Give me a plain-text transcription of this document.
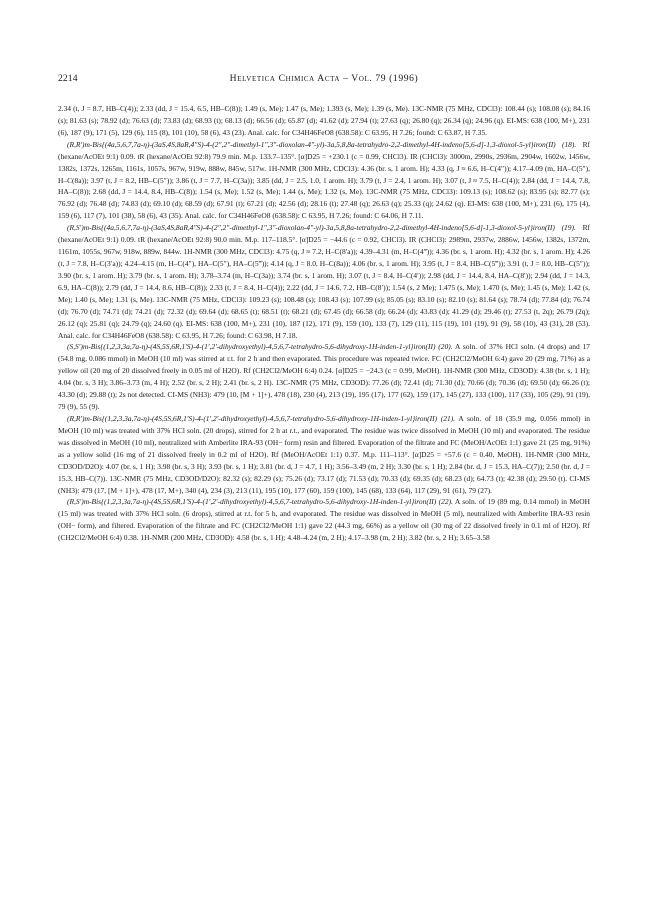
2214	Helvetica Chimica Acta – Vol. 79 (1996)

2.34 (t, J = 8.7, HB–C(4)); 2.33 (dd, J = 15.4, 6.5, HB–C(8)); 1.49 (s, Me); 1.47 (s, Me); 1.393 (s, Me); 1.39 (s, Me). 13C-NMR (75 MHz, CDCl3): 108.44 (s); 108.08 (s); 84.16 (s); 81.63 (s); 78.92 (d); 76.63 (d); 73.83 (d); 68.93 (t); 68.13 (d); 66.56 (d); 65.87 (d); 41.62 (d); 27.94 (t); 27.63 (q); 26.80 (q); 26.34 (q); 24.96 (q). EI-MS: 638 (100, M+), 231 (6), 187 (9), 171 (5), 129 (6), 115 (8), 101 (10), 58 (6), 43 (23). Anal. calc. for C34H46FeO8 (638.58): C 63.95, H 7.26; found: C 63.87, H 7.35.

(R,R′)m-Bis{(4a,5,6,7,7a-η)-(3aS,4S,8aR,4″S)-4-(2″,2″-dimethyl-1″,3″-dioxolan-4″-yl)-3a,5,8,8a-tetrahydro-2,2-dimethyl-4H-indeno[5,6-d]-1,3-dioxol-5-yl}iron(II) (18). Rf (hexane/AcOEt 9:1) 0.09. tR (hexane/AcOEt 92:8) 79.9 min. M.p. 133.7–135°. [α]D25 = +230.1 (c = 0.99, CHCl3). IR (CHCl3): 3000m, 2990s, 2936m, 2904w, 1602w, 1456w, 1382s, 1372s, 1265m, 1161s, 1057s, 967w, 919w, 888w, 845w, 517w. 1H-NMR (300 MHz, CDCl3): 4.36 (br. s, 1 arom. H); 4.33 (q, J ≈ 6.6, H–C(4″)); 4.17–4.09 (m, HA–C(5″), H–C(8a)); 3.97 (t, J = 8.2, HB–C(5″)); 3.86 (t, J = 7.7, H–C(3a)); 3.85 (dd, J = 2.5, 1.0, 1 arom. H); 3.79 (t, J = 2.4, 1 arom. H); 3.07 (t, J ≈ 7.5, H–C(4)); 2.84 (dd, J = 14.4, 7.8, HA–C(8)); 2.68 (dd, J = 14.4, 8.4, HB–C(8)); 1.54 (s, Me); 1.52 (s, Me); 1.44 (s, Me); 1.32 (s, Me). 13C-NMR (75 MHz, CDCl3): 109.13 (s); 108.62 (s); 83.95 (s); 82.77 (s); 76.92 (d); 76.48 (d); 74.83 (d); 69.10 (d); 68.59 (d); 67.91 (t); 67.21 (d); 42.56 (d); 28.16 (t); 27.48 (q); 26.63 (q); 25.33 (q); 24.62 (q). EI-MS: 638 (100, M+), 231 (6), 175 (4), 159 (6), 117 (7), 101 (38), 58 (6), 43 (35). Anal. calc. for C34H46FeO8 (638.58): C 63.95, H 7.26; found: C 64.06, H 7.11.

(R,S′)m-Bis{(4a,5,6,7,7a-η)-(3aS,4S,8aR,4″S)-4-(2″,2″-dimethyl-1″,3″-dioxolan-4″-yl)-3a,5,8,8a-tetrahydro-2,2-dimethyl-4H-indeno[5,6-d]-1,3-dioxol-5-yl}iron(II) (19). Rf (hexane/AcOEt 9:1) 0.09. tR (hexane/AcOEt 92:8) 90.0 min. M.p. 117–118.5°. [α]D25 = −44.6 (c = 0.92, CHCl3). IR (CHCl3): 2989m, 2937w, 2886w, 1456w, 1382s, 1372m, 1161m, 1055s, 967w, 918w, 889w, 844w. 1H-NMR (300 MHz, CDCl3): 4.75 (q, J ≈ 7.2, H–C(8′a)); 4.39–4.31 (m, H–C(4‴)); 4.36 (br. s, 1 arom. H); 4.32 (br. s, 1 arom. H); 4.26 (t, J = 7.8, H–C(3′a)); 4.24–4.15 (m, H–C(4″), HA–C(5″), HA–C(5‴)); 4.14 (q, J = 8.0, H–C(8a)); 4.06 (br. s, 1 arom. H); 3.95 (t, J = 8.4, HB–C(5‴)); 3.91 (t, J = 8.0, HB–C(5″)); 3.90 (br. s, 1 arom. H); 3.79 (br. s, 1 arom. H); 3.78–3.74 (m, H–C(3a)); 3.74 (br. s, 1 arom. H); 3.07 (t, J = 8.4, H–C(4′)); 2.98 (dd, J = 14.4, 8.4, HA–C(8′)); 2.94 (dd, J = 14.3, 6.9, HA–C(8)); 2.79 (dd, J = 14.4, 8.6, HB–C(8)); 2.33 (t, J = 8.4, H–C(4)); 2.22 (dd, J = 14.6, 7.2, HB–C(8′)); 1.54 (s, 2 Me); 1.475 (s, Me); 1.470 (s, Me); 1.45 (s, Me); 1.42 (s, Me); 1.40 (s, Me); 1.31 (s, Me). 13C-NMR (75 MHz, CDCl3): 109.23 (s); 108.48 (s); 108.43 (s); 107.99 (s); 85.05 (s); 83.10 (s); 82.10 (s); 81.64 (s); 78.74 (d); 77.84 (d); 76.74 (d); 76.70 (d); 74.71 (d); 74.21 (d); 72.32 (d); 69.64 (d); 68.65 (t); 68.51 (t); 68.21 (d); 67.45 (d); 66.58 (d); 66.24 (d); 43.83 (d); 41.29 (d); 29.46 (t); 27.53 (t, 2q); 26.79 (2q); 26.12 (q); 25.81 (q); 24.79 (q); 24.60 (q). EI-MS: 638 (100, M+), 231 (10), 187 (12), 171 (9), 159 (10), 133 (7), 129 (11), 115 (19), 101 (19), 91 (9), 58 (10), 43 (31), 28 (53). Anal. calc. for C34H46FeO8 (638.58): C 63.95, H 7.26; found: C 63.98, H 7.18.

(S,S′)m-Bis{(1,2,3,3a,7a-η)-(4S,5S,6R,1′S)-4-(1′,2′-dihydroxyethyl)-4,5,6,7-tetrahydro-5,6-dihydroxy-1H-inden-1-yl}iron(II) (20). A soln. of 37% HCl soln. (4 drops) and 17 (54.8 mg, 0.086 mmol) in MeOH (10 ml) was stirred at r.t. for 2 h and then evaporated. This procedure was repeated twice. FC (CH2Cl2/MeOH 6:4) gave 20 (29 mg, 71%) as a yellow oil (20 mg of 20 dissolved freely in 0.05 ml of H2O). Rf (CH2Cl2/MeOH 6:4) 0.24. [α]D25 = −24.3 (c = 0.99, MeOH). 1H-NMR (300 MHz, CD3OD): 4.38 (br. s, 1 H); 4.04 (br. s, 3 H); 3.86–3.73 (m, 4 H); 2.52 (br. s, 2 H); 2.41 (br. s, 2 H). 13C-NMR (75 MHz, CD3OD): 77.26 (d); 72.41 (d); 71.30 (d); 70.66 (d); 70.36 (d); 69.50 (d); 66.26 (t); 43.30 (d); 29.88 (t); 2s not detected. CI-MS (NH3): 479 (10, [M + 1]+), 478 (18), 230 (4), 213 (19), 195 (17), 177 (62), 159 (17), 145 (27), 133 (100), 117 (33), 105 (29), 91 (19), 79 (9), 55 (9).

(R,R′)m-Bis{(1,2,3,3a,7a-η)-(4S,5S,6R,1′S)-4-(1′,2′-dihydroxyethyl)-4,5,6,7-tetrahydro-5,6-dihydroxy-1H-inden-1-yl}iron(II) (21). A soln. of 18 (35.9 mg, 0.056 mmol) in MeOH (10 ml) was treated with 37% HCl soln. (20 drops), stirred for 2 h at r.t., and evaporated. The residue was twice dissolved in MeOH (10 ml) and evaporated. The residue was dissolved in MeOH (10 ml), neutralized with Amberlite IRA-93 (OH− form) resin and filtered. Evaporation of the filtrate and FC (MeOH/AcOEt 1:1) gave 21 (25 mg, 91%) as a yellow solid (16 mg of 21 dissolved freely in 0.2 ml of H2O). Rf (MeOH/AcOEt 1:1) 0.37. M.p. 111–113°. [α]D25 = +57.6 (c = 0.40, MeOH). 1H-NMR (300 MHz, CD3OD/D2O): 4.07 (br. s, 1 H); 3.98 (br. s, 3 H); 3.93 (br. s, 1 H); 3.81 (br. d, J = 4.7, 1 H); 3.56–3.49 (m, 2 H); 3.30 (br. s, 1 H); 2.84 (br. d, J = 15.3, HA–C(7)); 2.50 (br. d, J = 15.3, HB–C(7)). 13C-NMR (75 MHz, CD3OD/D2O): 82.32 (s); 82.29 (s); 75.26 (d); 73.17 (d); 71.53 (d); 70.33 (d); 69.35 (d); 68.23 (d); 64.73 (t); 42.38 (d); 29.50 (t). CI-MS (NH3): 479 (17, [M + 1]+), 478 (17, M+), 340 (4), 234 (3), 213 (11), 195 (10), 177 (60), 159 (100), 145 (68), 133 (64), 117 (29), 91 (61), 79 (27).

(R,S′)m-Bis{(1,2,3,3a,7a-η)-(4S,5S,6R,1′S)-4-(1′,2′-dihydroxyethyl)-4,5,6,7-tetrahydro-5,6-dihydroxy-1H-inden-1-yl}iron(II) (22). A soln. of 19 (89 mg, 0.14 mmol) in MeOH (15 ml) was treated with 37% HCl soln. (6 drops), stirred at r.t. for 5 h, and evaporated. The residue was dissolved in MeOH (5 ml), neutralized with Amberlite IRA-93 resin (OH− form), and filtered. Evaporation of the filtrate and FC (CH2Cl2/MeOH 1:1) gave 22 (44.3 mg, 66%) as a yellow oil (30 mg of 22 dissolved freely in 0.1 ml of H2O). Rf (CH2Cl2/MeOH 6:4) 0.38. 1H-NMR (200 MHz, CD3OD): 4.58 (br. s, 1 H); 4.48–4.24 (m, 2 H); 4.17–3.98 (m, 2 H); 3.82 (br. s, 2 H); 3.65–3.58
